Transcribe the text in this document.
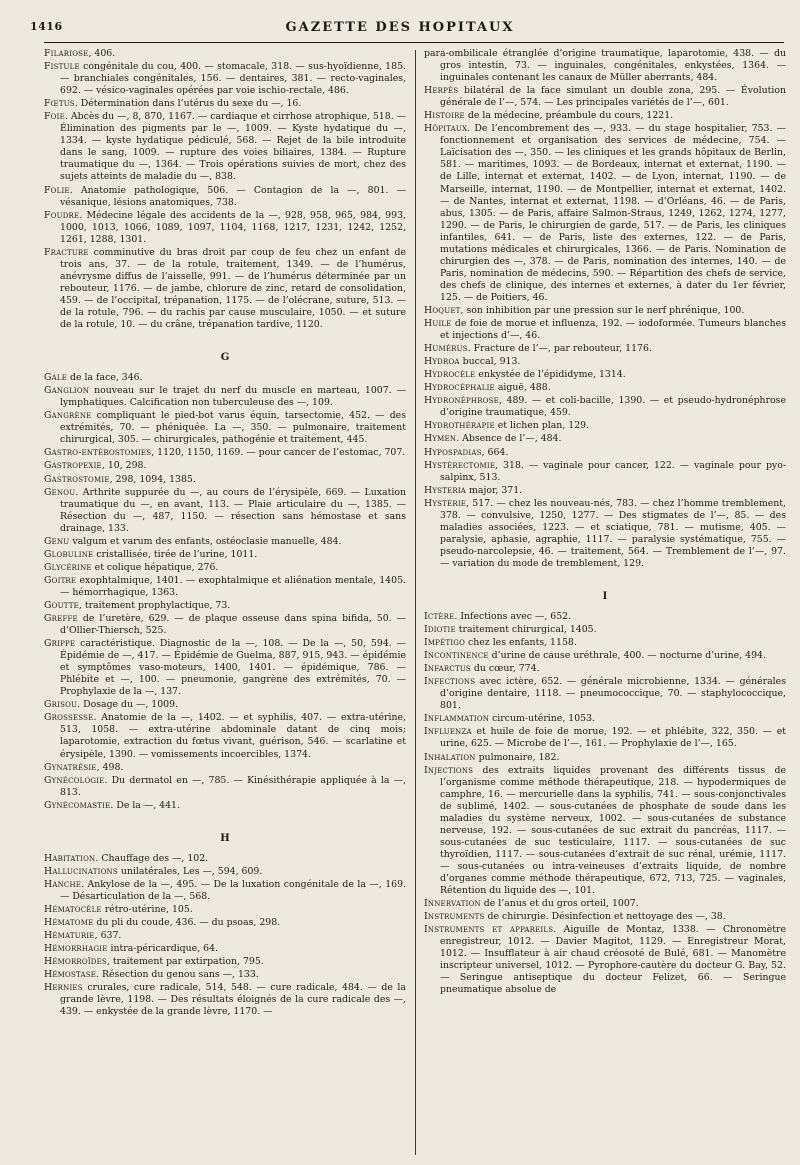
1416	GAZETTE DES HOPITAUX

Filariose, 406.

Fistule congénitale du cou, 400. — stomacale, 318. — sus-hyoïdienne, 185. — branchiales congénitales, 156. — dentaires, 381. — recto-vaginales, 692. — vésico-vaginales opérées par voie ischio-rectale, 486.

Fœtus. Détermination dans l’utérus du sexe du —, 16.

Foie. Abcès du —, 8, 870, 1167. — cardiaque et cirrhose atrophique, 518. — Élimination des pigments par le —, 1009. — Kyste hydatique du —, 1334. — kyste hydatique pédiculé, 568. — Rejet de la bile introduite dans le sang, 1009. — rupture des voies biliaires, 1384. — Rupture traumatique du —, 1364. — Trois opérations suivies de mort, chez des sujets atteints de maladie du —, 838.

Folie. Anatomie pathologique, 506. — Contagion de la —, 801. — vésanique, lésions anatomiques, 738.

Foudre. Médecine légale des accidents de la —, 928, 958, 965, 984, 993, 1000, 1013, 1066, 1089, 1097, 1104, 1168, 1217, 1231, 1242, 1252, 1261, 1288, 1301.

Fracture comminutive du bras droit par coup de feu chez un enfant de trois ans, 37. — de la rotule, traitement, 1349. — de l’humérus, anévrysme diffus de l’aisselle, 991. — de l’humérus déterminée par un rebouteur, 1176. — de jambe, chlorure de zinc, retard de consolidation, 459. — de l’occipital, trépanation, 1175. — de l’olécrane, suture, 513. — de la rotule, 796. — du rachis par cause musculaire, 1050. — et suture de la rotule, 10. — du crâne, trépanation tardive, 1120.

G

Gale de la face, 346.

Ganglion nouveau sur le trajet du nerf du muscle en marteau, 1007. — lymphatiques. Calcification non tuberculeuse des —, 109.

Gangrène compliquant le pied-bot varus équin, tarsectomie, 452. — des extrémités, 70. — phéniquée. La —, 350. — pulmonaire, traitement chirurgical, 305. — chirurgicales, pathogénie et traitement, 445.

Gastro-entérostomies, 1120, 1150, 1169. — pour cancer de l’estomac, 707.

Gastropexie, 10, 298.

Gastrostomie, 298, 1094, 1385.

Genou. Arthrite suppurée du —, au cours de l’érysipèle, 669. — Luxation traumatique du —, en avant, 113. — Plaie articulaire du —, 1385. — Résection du —, 487, 1150. — résection sans hémostase et sans drainage, 133.

Genu valgum et varum des enfants, ostéoclasie manuelle, 484.

Globuline cristallisée, tirée de l’urine, 1011.

Glycérine et colique hépatique, 276.

Goitre exophtalmique, 1401. — exophtalmique et aliénation mentale, 1405. — hémorrhagique, 1363.

Goutte, traitement prophylactique, 73.

Greffe de l’uretère, 629. — de plaque osseuse dans spina bifida, 50. — d’Ollier-Thiersch, 525.

Grippe caractéristique. Diagnostic de la —, 108. — De la —, 50, 594. — Épidémie de —, 417. — Épidémie de Guelma, 887, 915, 943. — épidémie et symptômes vaso-moteurs, 1400, 1401. — épidémique, 786. — Phlébite et —, 100. — pneumonie, gangrène des extrémités, 70. — Prophylaxie de la —, 137.

Grisou. Dosage du —, 1009.

Grossesse. Anatomie de la —, 1402. — et syphilis, 407. — extra-utérine, 513, 1058. — extra-utérine abdominale datant de cinq mois; laparotomie, extraction du fœtus vivant, guérison, 546. — scarlatine et érysipèle, 1390. — vomissements incoercibles, 1374.

Gynatrésie, 498.

Gynécologie. Du dermatol en —, 785. — Kinésithérapie appliquée à la —, 813.

Gynécomastie. De la —, 441.

H

Habitation. Chauffage des —, 102.

Hallucinations unilatérales, Les —, 594, 609.

Hanche. Ankylose de la —, 495. — De la luxation congénitale de la —, 169. — Désarticulation de la —, 568.

Hématocèle rétro-utérine, 105.

Hématome du pli du coude, 436. — du psoas, 298.

Hématurie, 637.

Hémorrhagie intra-péricardique, 64.

Hémorroïdes, traitement par extirpation, 795.

Hémostase. Résection du genou sans —, 133.

Hernies crurales, cure radicale, 514, 548. — cure radicale, 484. — de la grande lèvre, 1198. — Des résultats éloignés de la cure radicale des —, 439. — enkystée de la grande lèvre, 1170. —

para-ombilicale étranglée d’origine traumatique, laparotomie, 438. — du gros intestin, 73. — inguinales, congénitales, enkystées, 1364. — inguinales contenant les canaux de Müller aberrants, 484.

Herpès bilatéral de la face simulant un double zona, 295. — Évolution générale de l’—, 574. — Les principales variétés de l’—, 601.

Histoire de la médecine, préambule du cours, 1221.

Hôpitaux. De l’encombrement des —, 933. — du stage hospitalier, 753. — fonctionnement et organisation des services de médecine, 754. — Laïcisation des —, 350. — les cliniques et les grands hôpitaux de Berlin, 581. — maritimes, 1093. — de Bordeaux, internat et externat, 1190. — de Lille, internat et externat, 1402. — de Lyon, internat, 1190. — de Marseille, internat, 1190. — de Montpellier, internat et externat, 1402. — de Nantes, internat et externat, 1198. — d’Orléans, 46. — de Paris, abus, 1305. — de Paris, affaire Salmon-Straus, 1249, 1262, 1274, 1277, 1290. — de Paris, le chirurgien de garde, 517. — de Paris, les cliniques infantiles, 641. — de Paris, liste des externes, 122. — de Paris, mutations médicales et chirurgicales, 1366. — de Paris. Nomination de chirurgien des —, 378. — de Paris, nomination des internes, 140. — de Paris, nomination de médecins, 590. — Répartition des chefs de service, des chefs de clinique, des internes et externes, à dater du 1er février, 125. — de Poitiers, 46.

Hoquet, son inhibition par une pression sur le nerf phrénique, 100.

Huile de foie de morue et influenza, 192. — iodoformée. Tumeurs blanches et injections d’—, 46.

Humérus. Fracture de l’—, par rebouteur, 1176.

Hydroa buccal, 913.

Hydrocèle enkystée de l’épididyme, 1314.

Hydrocéphalie aiguë, 488.

Hydronéphrose, 489. — et coli-bacille, 1390. — et pseudo-hydronéphrose d’origine traumatique, 459.

Hydrothérapie et lichen plan, 129.

Hymen. Absence de l’—, 484.

Hypospadias, 664.

Hystérectomie, 318. — vaginale pour cancer, 122. — vaginale pour pyo-salpinx, 513.

Hysteria major, 371.

Hystérie, 517. — chez les nouveau-nés, 783. — chez l’homme tremblement, 378. — convulsive, 1250, 1277. — Des stigmates de l’—, 85. — des maladies associées, 1223. — et sciatique, 781. — mutisme, 405. — paralysie, aphasie, agraphie, 1117. — paralysie systématique, 755. — pseudo-narcolepsie, 46. — traitement, 564. — Tremblement de l’—, 97. — variation du mode de tremblement, 129.

I

Ictère. Infections avec —, 652.

Idiotie traitement chirurgical, 1405.

Impétigo chez les enfants, 1158.

Incontinence d’urine de cause uréthrale, 400. — nocturne d’urine, 494.

Infarctus du cœur, 774.

Infections avec ictère, 652. — générale microbienne, 1334. — générales d’origine dentaire, 1118. — pneumococcique, 70. — staphylococcique, 801.

Inflammation circum-utérine, 1053.

Influenza et huile de foie de morue, 192. — et phlébite, 322, 350. — et urine, 625. — Microbe de l’—, 161. — Prophylaxie de l’—, 165.

Inhalation pulmonaire, 182.

Injections des extraits liquides provenant des différents tissus de l’organisme comme méthode thérapeutique, 218. — hypodermiques de camphre, 16. — mercurielle dans la syphilis, 741. — sous-conjonctivales de sublimé, 1402. — sous-cutanées de phosphate de soude dans les maladies du système nerveux, 1002. — sous-cutanées de substance nerveuse, 192. — sous-cutanées de suc extrait du pancréas, 1117. — sous-cutanées de suc testiculaire, 1117. — sous-cutanées de suc thyroïdien, 1117. — sous-cutanées d’extrait de suc rénal, urémie, 1117. — sous-cutanées ou intra-veineuses d’extraits liquide, de nombre d’organes comme méthode thérapeutique, 672, 713, 725. — vaginales, Rétention du liquide des —, 101.

Innervation de l’anus et du gros orteil, 1007.

Instruments de chirurgie. Désinfection et nettoyage des —, 38.

Instruments et appareils. Aiguille de Montaz, 1338. — Chronomètre enregistreur, 1012. — Davier Magitot, 1129. — Enregistreur Morat, 1012. — Insufflateur à air chaud créosoté de Bulé, 681. — Manomètre inscripteur universel, 1012. — Pyrophore-cautère du docteur G. Bay, 52. — Seringue antiseptique du docteur Felizet, 66. — Seringue pneumatique absolue de
